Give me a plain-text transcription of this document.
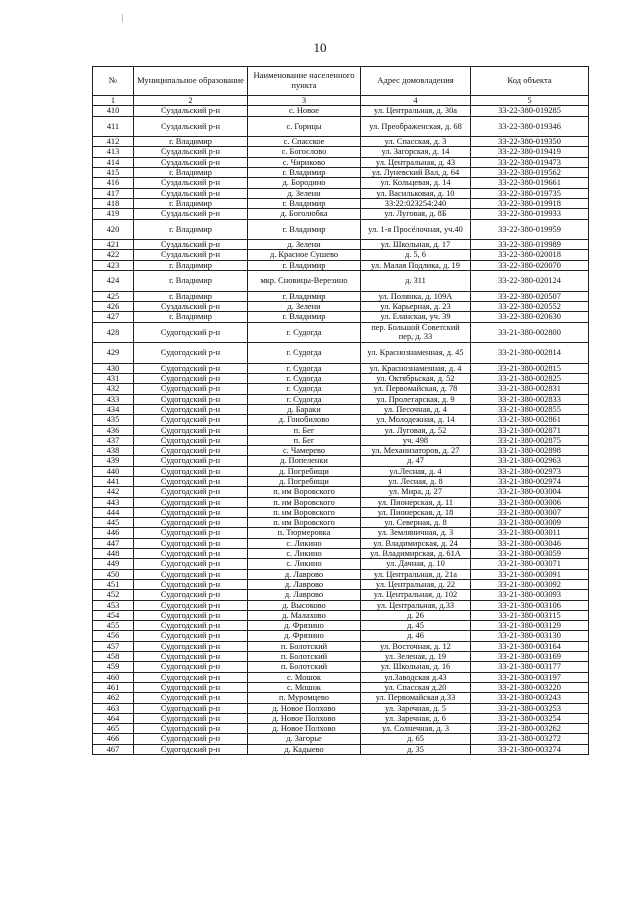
10
№	Муниципальное образование	Наименование населенного пункта	Адрес домовладения	Код объекта
1	2	3	4	5
410	Суздальский р-н	с. Новое	ул. Центральная, д. 30а	33-22-380-019285
411	Суздальский р-н	с. Горицы	ул. Преображенская, д. 68	33-22-380-019346
412	г. Владимир	с. Спасское	ул. Спасская, д. 3	33-22-380-019350
413	Суздальский р-н	с. Богослово	ул. Загорская, д. 14	33-22-380-019419
414	Суздальский р-н	с. Чириково	ул. Центральная, д. 43	33-22-380-019473
415	г. Владимир	г. Владимир	ул. Луневский Вал, д. 64	33-22-380-019562
416	Суздальский р-н	д. Бородино	ул. Кольцевая, д. 14	33-22-380-019661
417	Суздальский р-н	д. Зелени	ул. Васильковая, д. 10	33-22-380-019735
418	г. Владимир	г. Владимир	33:22:023254:240	33-22-380-019918
419	Суздальский р-н	д. Боголюбка	ул. Луговая, д. 8Б	33-22-380-019933
420	г. Владимир	г. Владимир	ул. 1-я Просёлочная, уч.40	33-22-380-019959
421	Суздальский р-н	д. Зелени	ул. Школьная, д. 17	33-22-380-019989
422	Суздальский р-н	д. Красное Сушево	д. 5, 6	33-22-380-020018
423	г. Владимир	г. Владимир	ул. Малая Подлика, д. 19	33-22-380-020070
424	г. Владимир	мкр. Сновицы-Верезино	д. 311	33-22-380-020124
425	г. Владимир	г. Владимир	ул. Полянка, д. 109А	33-22-380-020507
426	Суздальский р-н	д. Зелени	ул. Карьерная, д. 23	33-22-380-020552
427	г. Владимир	г. Владимир	ул. Еланская, уч. 39	33-22-380-020630
428	Судогодский р-н	г. Судогда	пер. Большой Советский пер, д. 33	33-21-380-002800
429	Судогодский р-н	г. Судогда	ул. Краснознаменная, д. 45	33-21-380-002814
430	Судогодский р-н	г. Судогда	ул. Краснознаменная, д. 4	33-21-380-002815
431	Судогодский р-н	г. Судогда	ул. Октябрьская, д. 52	33-21-380-002825
432	Судогодский р-н	г. Судогда	ул. Первомайская, д. 78	33-21-380-002831
433	Судогодский р-н	г. Судогда	ул. Пролетарская, д. 9	33-21-380-002833
434	Судогодский р-н	д. Бараки	ул. Песочная, д. 4	33-21-380-002855
435	Судогодский р-н	д. Гонобилово	ул. Молодежная, д. 14	33-21-380-002861
436	Судогодский р-н	п. Бег	ул. Луговая, д. 52	33-21-380-002871
437	Судогодский р-н	п. Бег	уч. 498	33-21-380-002875
438	Судогодский р-н	с. Чамерево	ул. Механизаторов, д. 27	33-21-380-002898
439	Судогодский р-н	д. Попеленки	д. 47	33-21-380-002963
440	Судогодский р-н	д. Погребищи	ул.Лесная, д. 4	33-21-380-002973
441	Судогодский р-н	д. Погребищи	ул. Лесная, д. 8	33-21-380-002974
442	Судогодский р-н	п. им Воровского	ул. Мира, д. 27	33-21-380-003004
443	Судогодский р-н	п. им Воровского	ул. Пионерская, д. 11	33-21-380-003006
444	Судогодский р-н	п. им Воровского	ул. Пионерская, д. 18	33-21-380-003007
445	Судогодский р-н	п. им Воровского	ул. Северная, д. 8	33-21-380-003009
446	Судогодский р-н	п. Тюрмеровка	ул. Земляничная, д. 3	33-21-380-003011
447	Судогодский р-н	с. Ликино	ул. Владимирская, д. 24	33-21-380-003046
448	Судогодский р-н	с. Ликино	ул. Владимирская, д. 61А	33-21-380-003059
449	Судогодский р-н	с. Ликино	ул. Дачная, д. 10	33-21-380-003071
450	Судогодский р-н	д. Лаврово	ул. Центральная, д. 21а	33-21-380-003091
451	Судогодский р-н	д. Лаврово	ул. Центральная, д. 22	33-21-380-003092
452	Судогодский р-н	д. Лаврово	ул. Центральная, д. 102	33-21-380-003093
453	Судогодский р-н	д. Высоково	ул. Центральная, д.33	33-21-380-003106
454	Судогодский р-н	д. Малахово	д. 26	33-21-380-003115
455	Судогодский р-н	д. Фрязино	д. 45	33-21-380-003129
456	Судогодский р-н	д. Фрязино	д. 46	33-21-380-003130
457	Судогодский р-н	п. Болотский	ул. Восточная, д. 12	33-21-380-003164
458	Судогодский р-н	п. Болотский	ул. Зеленая, д. 19	33-21-380-003169
459	Судогодский р-н	п. Болотский	ул. Школьная, д. 16	33-21-380-003177
460	Судогодский р-н	с. Мошок	ул.Заводская д.43	33-21-380-003197
461	Судогодский р-н	с. Мошок	ул. Спасская д.20	33-21-380-003220
462	Судогодский р-н	п. Муромцево	ул. Первомайская д.33	33-21-380-003243
463	Судогодский р-н	д. Новое Полхово	ул. Заречная, д. 5	33-21-380-003253
464	Судогодский р-н	д. Новое Полхово	ул. Заречная, д. 6	33-21-380-003254
465	Судогодский р-н	д. Новое Полхово	ул. Солнечная, д. 3	33-21-380-003262
466	Судогодский р-н	д. Загорье	д. 65	33-21-380-003272
467	Судогодский р-н	д. Кадыево	д. 35	33-21-380-003274
